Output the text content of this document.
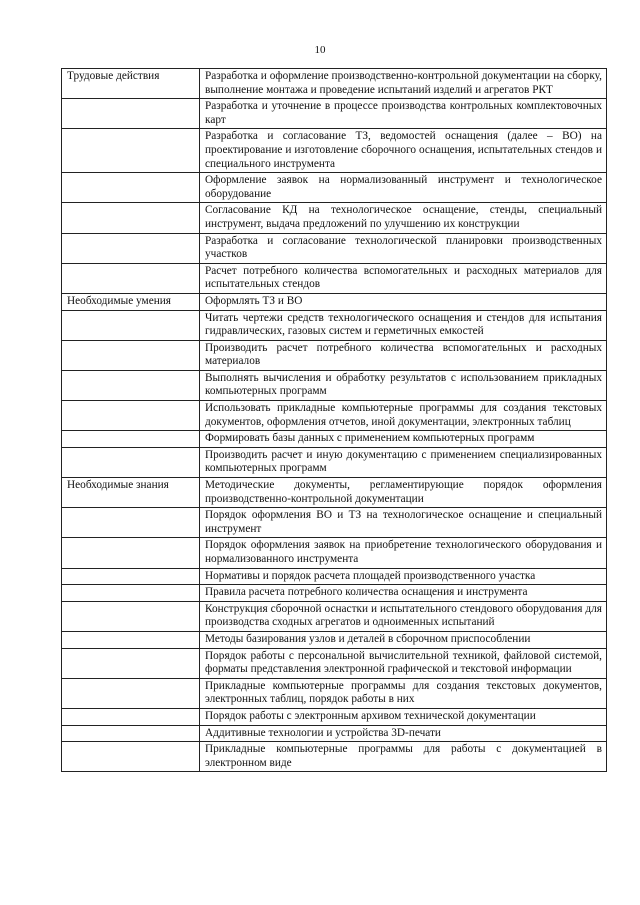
10
Трудовые действия	Разработка и оформление производственно-контрольной документации на сборку, выполнение монтажа и проведение испытаний изделий и агрегатов РКТ
	Разработка и уточнение в процессе производства контрольных комплектовочных карт
	Разработка и согласование ТЗ, ведомостей оснащения (далее – ВО) на проектирование и изготовление сборочного оснащения, испытательных стендов и специального инструмента
	Оформление заявок на нормализованный инструмент и технологическое оборудование
	Согласование КД на технологическое оснащение, стенды, специальный инструмент, выдача предложений по улучшению их конструкции
	Разработка и согласование технологической планировки производственных участков
	Расчет потребного количества вспомогательных и расходных материалов для испытательных стендов
Необходимые умения	Оформлять ТЗ и ВО
	Читать чертежи средств технологического оснащения и стендов для испытания гидравлических, газовых систем и герметичных емкостей
	Производить расчет потребного количества вспомогательных и расходных материалов
	Выполнять вычисления и обработку результатов с использованием прикладных компьютерных программ
	Использовать прикладные компьютерные программы для создания текстовых документов, оформления отчетов, иной документации, электронных таблиц
	Формировать базы данных с применением компьютерных программ
	Производить расчет и иную документацию с применением специализированных компьютерных программ
Необходимые знания	Методические документы, регламентирующие порядок оформления производственно-контрольной документации
	Порядок оформления ВО и ТЗ на технологическое оснащение и специальный инструмент
	Порядок оформления заявок на приобретение технологического оборудования и нормализованного инструмента
	Нормативы и порядок расчета площадей производственного участка
	Правила расчета потребного количества оснащения и инструмента
	Конструкция сборочной оснастки и испытательного стендового оборудования для производства сходных агрегатов и одноименных испытаний
	Методы базирования узлов и деталей в сборочном приспособлении
	Порядок работы с персональной вычислительной техникой, файловой системой, форматы представления электронной графической и текстовой информации
	Прикладные компьютерные программы для создания текстовых документов, электронных таблиц, порядок работы в них
	Порядок работы с электронным архивом технической документации
	Аддитивные технологии и устройства 3D-печати
	Прикладные компьютерные программы для работы с документацией в электронном виде
